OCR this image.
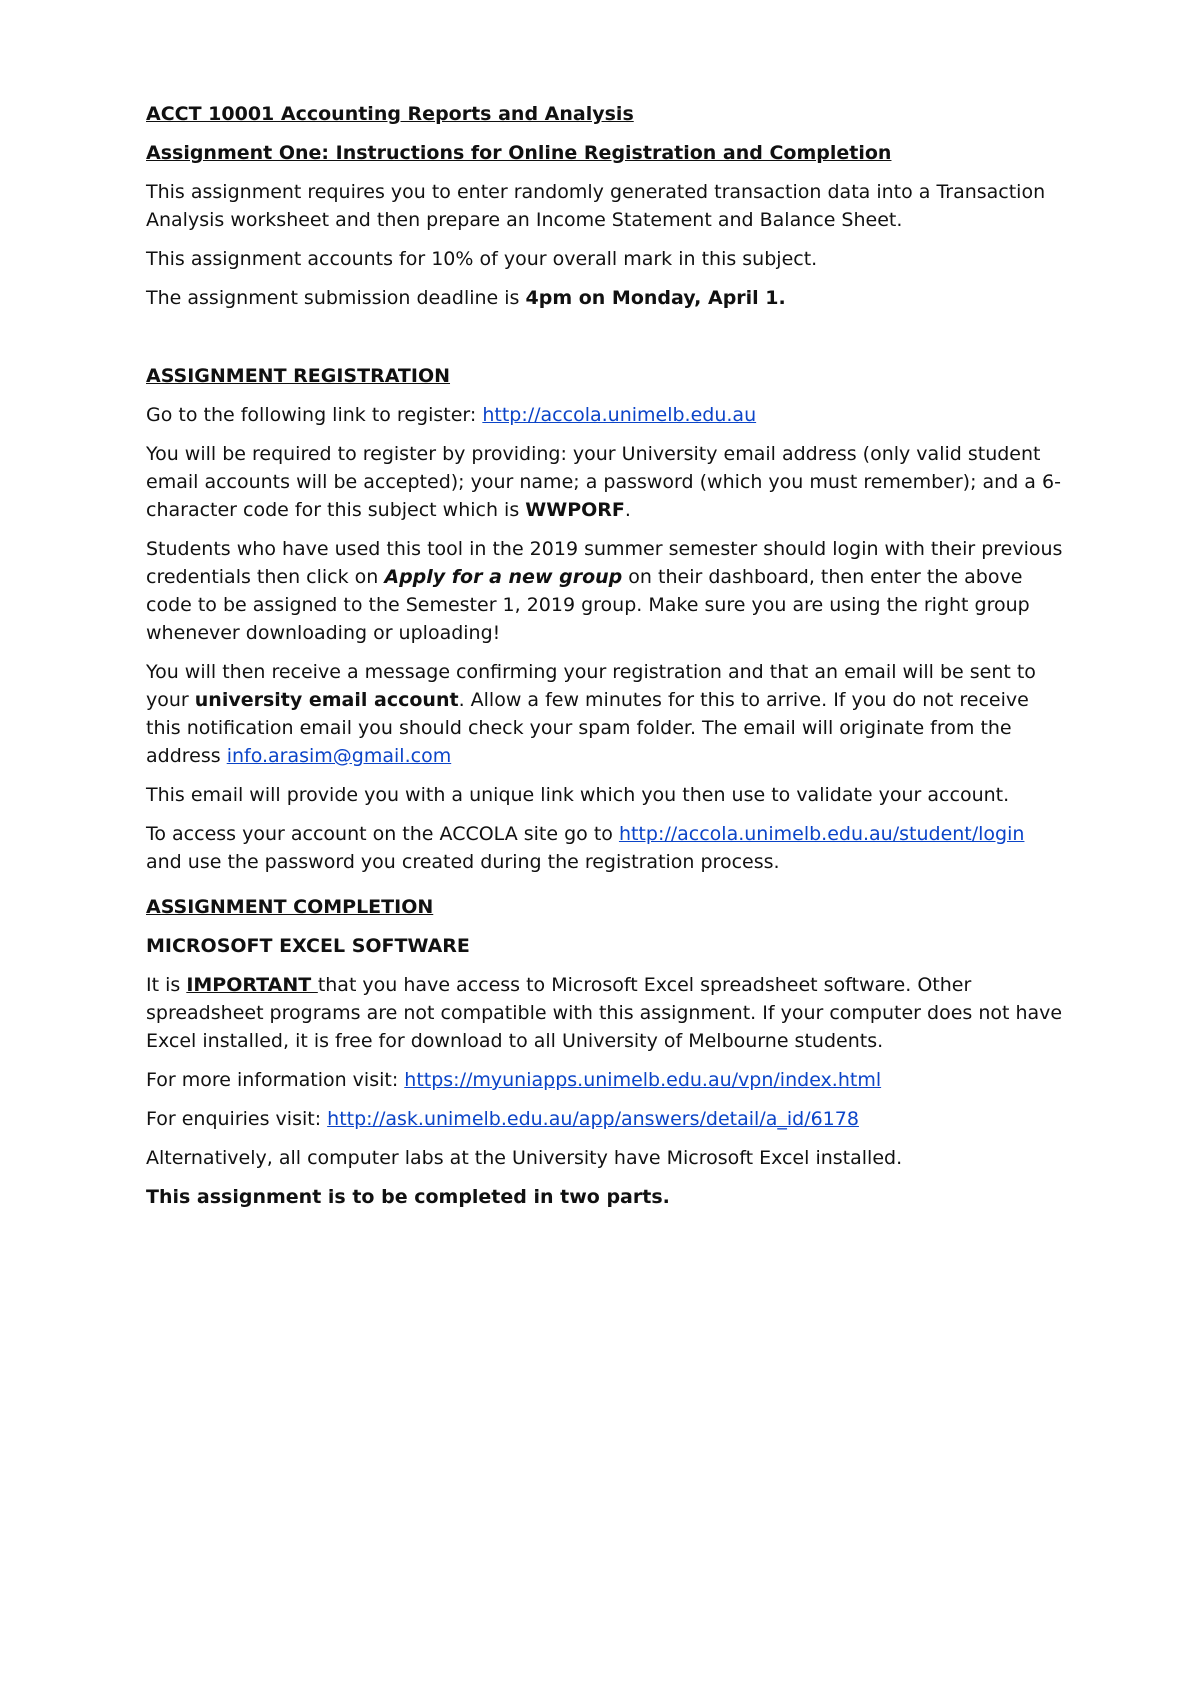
ACCT 10001 Accounting Reports and Analysis

Assignment One: Instructions for Online Registration and Completion

This assignment requires you to enter randomly generated transaction data into a Transaction Analysis worksheet and then prepare an Income Statement and Balance Sheet.

This assignment accounts for 10% of your overall mark in this subject.

The assignment submission deadline is 4pm on Monday, April 1.

ASSIGNMENT REGISTRATION

Go to the following link to register: http://accola.unimelb.edu.au

You will be required to register by providing: your University email address (only valid student email accounts will be accepted); your name; a password (which you must remember); and a 6-character code for this subject which is WWPORF.

Students who have used this tool in the 2019 summer semester should login with their previous credentials then click on Apply for a new group on their dashboard, then enter the above code to be assigned to the Semester 1, 2019 group. Make sure you are using the right group whenever downloading or uploading!

You will then receive a message confirming your registration and that an email will be sent to your university email account. Allow a few minutes for this to arrive. If you do not receive this notification email you should check your spam folder. The email will originate from the address info.arasim@gmail.com

This email will provide you with a unique link which you then use to validate your account.

To access your account on the ACCOLA site go to http://accola.unimelb.edu.au/student/login and use the password you created during the registration process.

ASSIGNMENT COMPLETION

MICROSOFT EXCEL SOFTWARE

It is IMPORTANT that you have access to Microsoft Excel spreadsheet software. Other spreadsheet programs are not compatible with this assignment. If your computer does not have Excel installed, it is free for download to all University of Melbourne students.

For more information visit: https://myuniapps.unimelb.edu.au/vpn/index.html

For enquiries visit: http://ask.unimelb.edu.au/app/answers/detail/a_id/6178

Alternatively, all computer labs at the University have Microsoft Excel installed.

This assignment is to be completed in two parts.
